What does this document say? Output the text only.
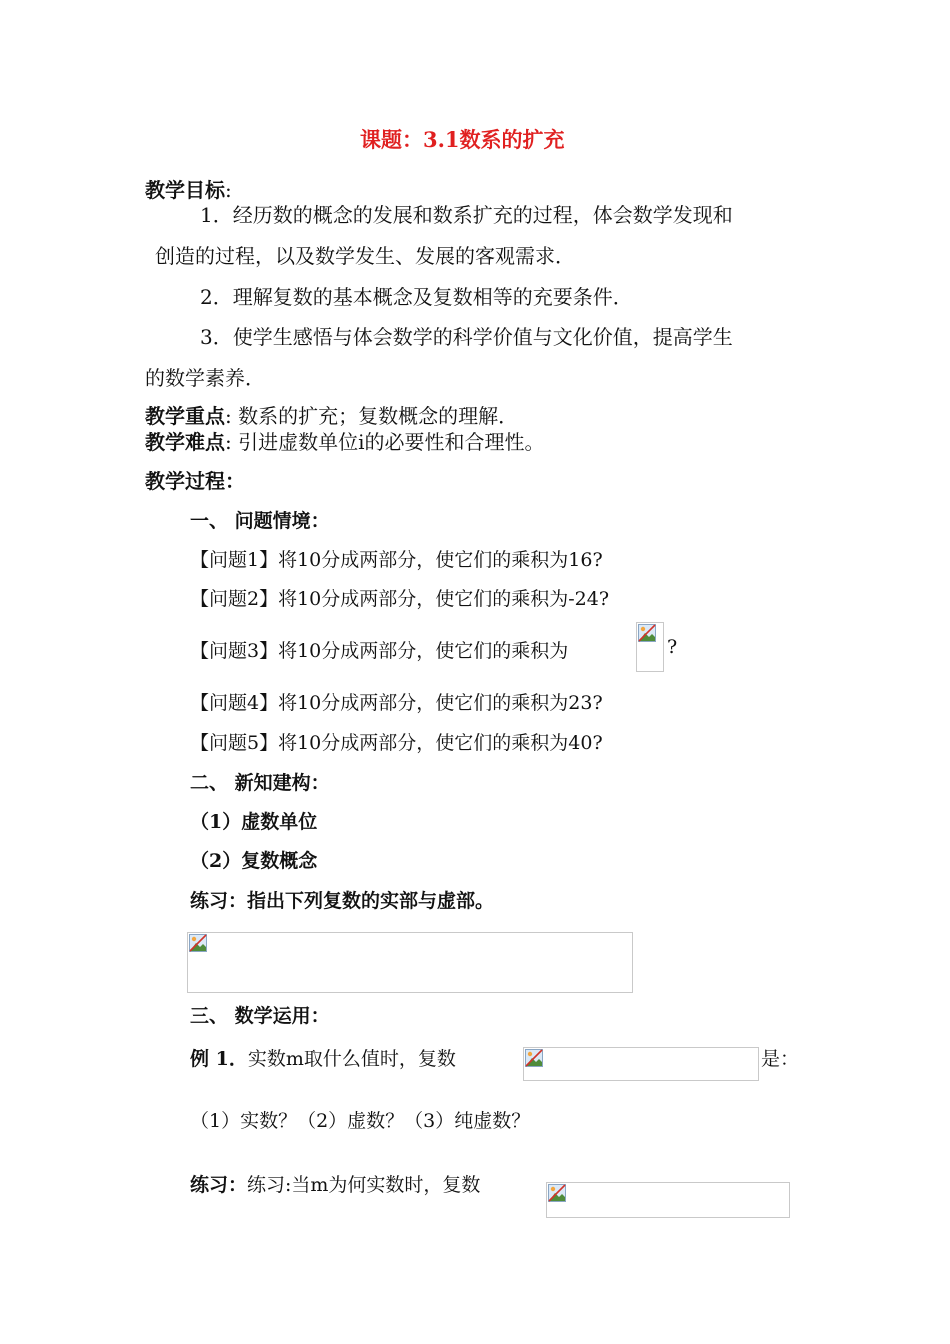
课题：3.1数系的扩充
教学目标:
1．经历数的概念的发展和数系扩充的过程，体会数学发现和
创造的过程，以及数学发生、发展的客观需求．
2．理解复数的基本概念及复数相等的充要条件．
3．使学生感悟与体会数学的科学价值与文化价值，提高学生
的数学素养．
教学重点: 数系的扩充；复数概念的理解．
教学难点: 引进虚数单位i的必要性和合理性。
教学过程：
一、 问题情境：
【问题1】将10分成两部分，使它们的乘积为16?
【问题2】将10分成两部分，使它们的乘积为-24?
【问题3】将10分成两部分，使它们的乘积为	?
【问题4】将10分成两部分，使它们的乘积为23?
【问题5】将10分成两部分，使它们的乘积为40?
二、 新知建构：
（1）虚数单位
（2）复数概念
练习：指出下列复数的实部与虚部。
三、 数学运用：
例 1．实数m取什么值时，复数	是：
（1）实数？（2）虚数？（3）纯虚数？
练习：练习:当m为何实数时，复数
